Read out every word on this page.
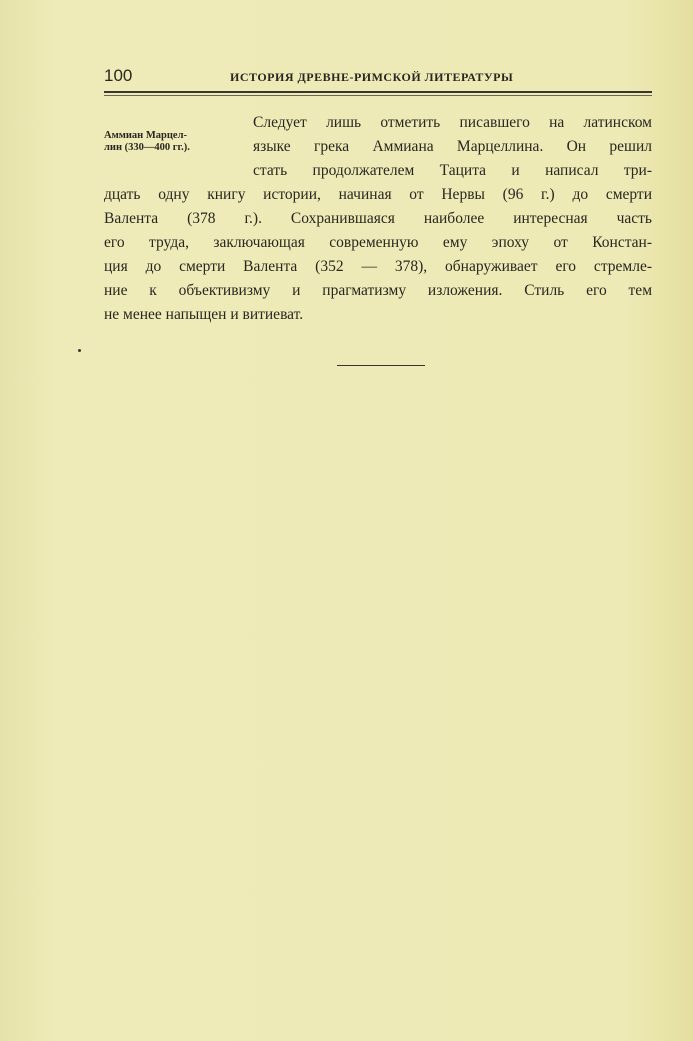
100	ИСТОРИЯ ДРЕВНЕ-РИМСКОЙ ЛИТЕРАТУРЫ
Аммиан Марцел-
лин (330—400 гг.).
Следует лишь отметить писавшего на латинском
языке грека Аммиана Марцеллина. Он решил
стать продолжателем Тацита и написал три-
дцать одну книгу истории, начиная от Нервы (96 г.) до смерти
Валента (378 г.). Сохранившаяся наиболее интересная часть
его труда, заключающая современную ему эпоху от Констан-
ция до смерти Валента (352 — 378), обнаруживает его стремле-
ние к объективизму и прагматизму изложения. Стиль его тем
не менее напыщен и витиеват.
